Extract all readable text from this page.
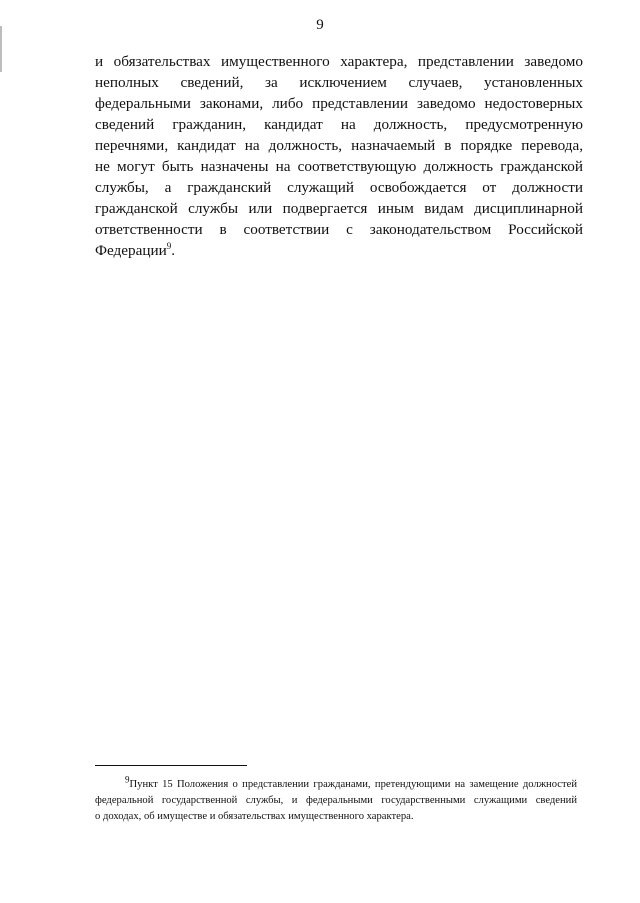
9
и обязательствах имущественного характера, представлении заведомо
неполных сведений, за исключением случаев, установленных
федеральными законами, либо представлении заведомо недостоверных
сведений гражданин, кандидат на должность, предусмотренную
перечнями, кандидат на должность, назначаемый в порядке перевода,
не могут быть назначены на соответствующую должность гражданской
службы, а гражданский служащий освобождается от должности
гражданской службы или подвергается иным видам дисциплинарной
ответственности в соответствии с законодательством Российской
Федерации$^9$.
$^9$Пункт 15 Положения о представлении гражданами, претендующими на замещение должностей
федеральной государственной службы, и федеральными государственными служащими сведений
о доходах, об имуществе и обязательствах имущественного характера.
